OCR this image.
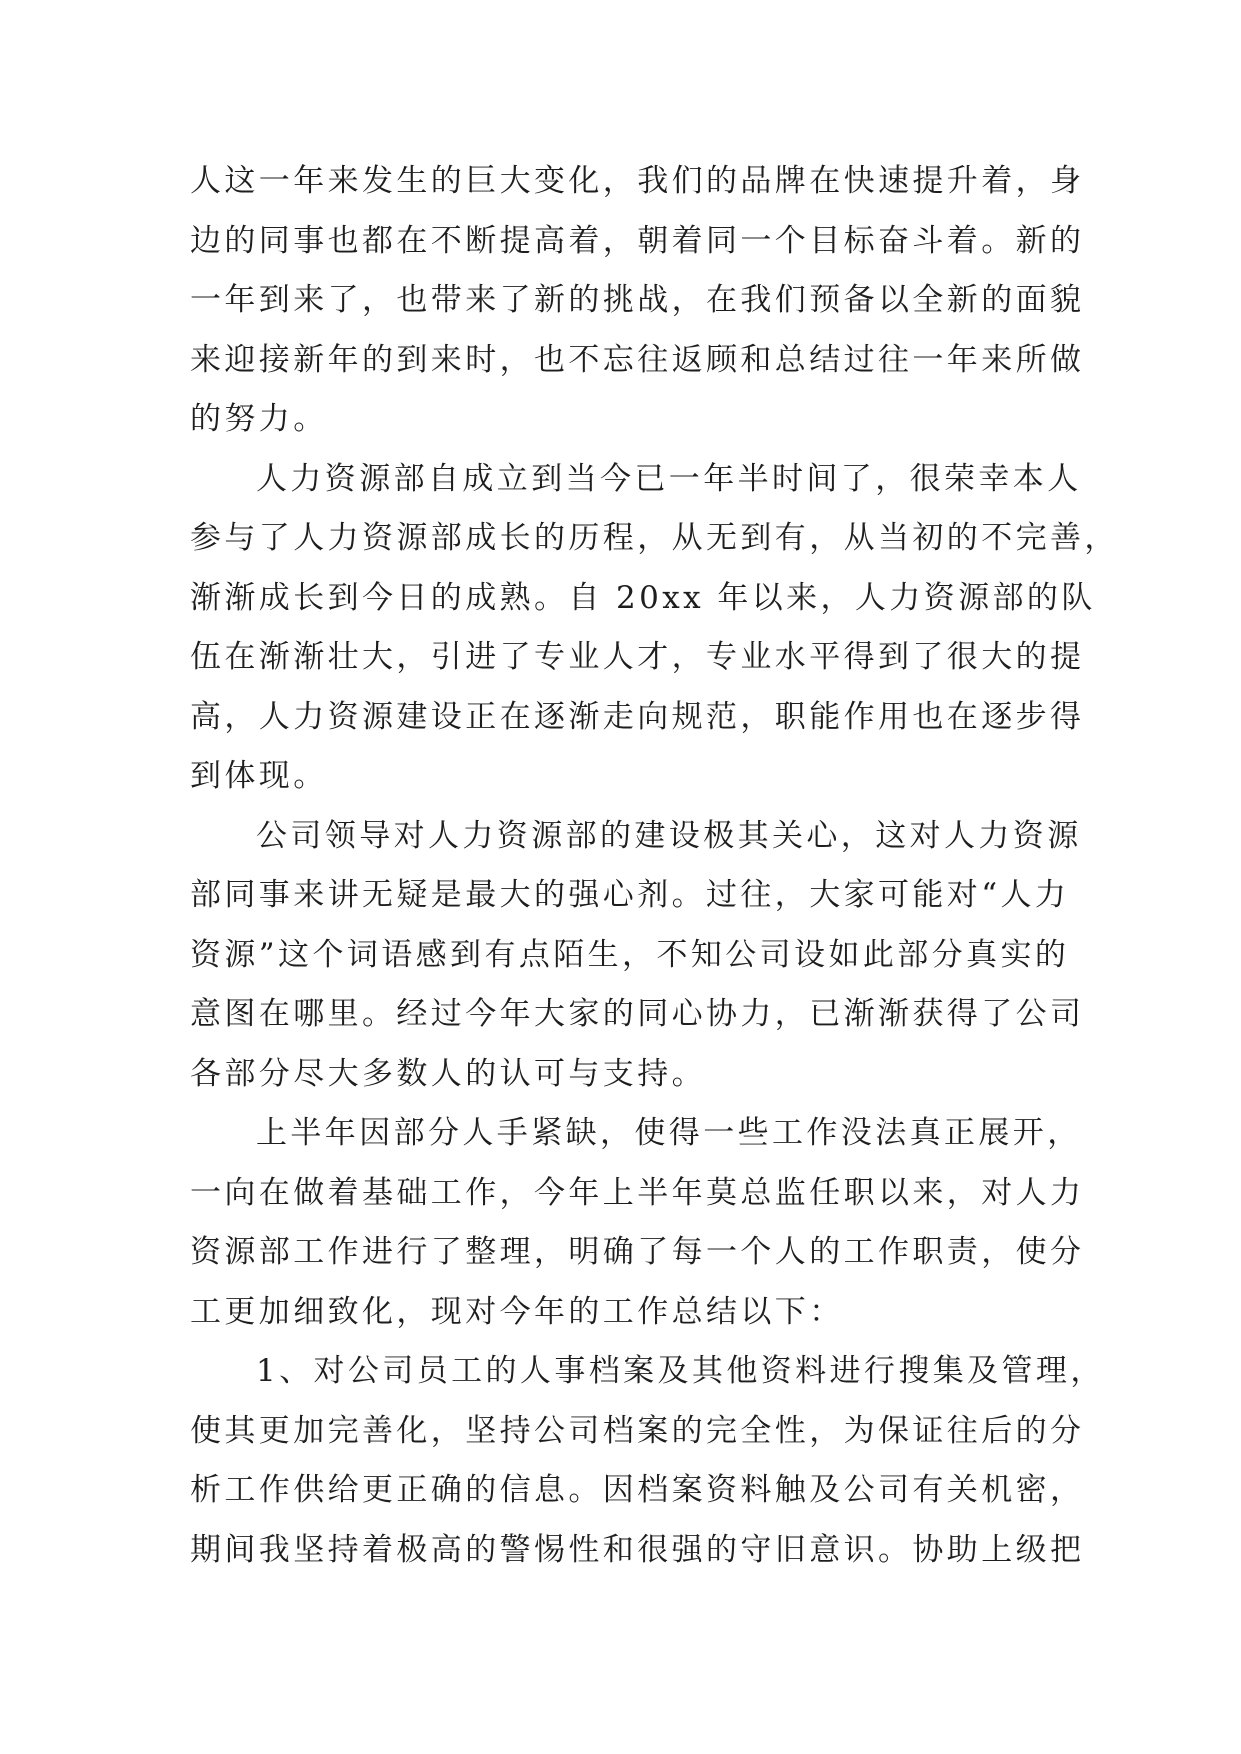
人这一年来发生的巨大变化，我们的品牌在快速提升着，身
边的同事也都在不断提高着，朝着同一个目标奋斗着。新的
一年到来了，也带来了新的挑战，在我们预备以全新的面貌
来迎接新年的到来时，也不忘往返顾和总结过往一年来所做
的努力。
人力资源部自成立到当今已一年半时间了，很荣幸本人
参与了人力资源部成长的历程，从无到有，从当初的不完善，
渐渐成长到今日的成熟。自 20xx 年以来，人力资源部的队
伍在渐渐壮大，引进了专业人才，专业水平得到了很大的提
高，人力资源建设正在逐渐走向规范，职能作用也在逐步得
到体现。
公司领导对人力资源部的建设极其关心，这对人力资源
部同事来讲无疑是最大的强心剂。过往，大家可能对“人力
资源”这个词语感到有点陌生，不知公司设如此部分真实的
意图在哪里。经过今年大家的同心协力，已渐渐获得了公司
各部分尽大多数人的认可与支持。
上半年因部分人手紧缺，使得一些工作没法真正展开，
一向在做着基础工作，今年上半年莫总监任职以来，对人力
资源部工作进行了整理，明确了每一个人的工作职责，使分
工更加细致化，现对今年的工作总结以下：
1、对公司员工的人事档案及其他资料进行搜集及管理，
使其更加完善化，坚持公司档案的完全性，为保证往后的分
析工作供给更正确的信息。因档案资料触及公司有关机密，
期间我坚持着极高的警惕性和很强的守旧意识。协助上级把
